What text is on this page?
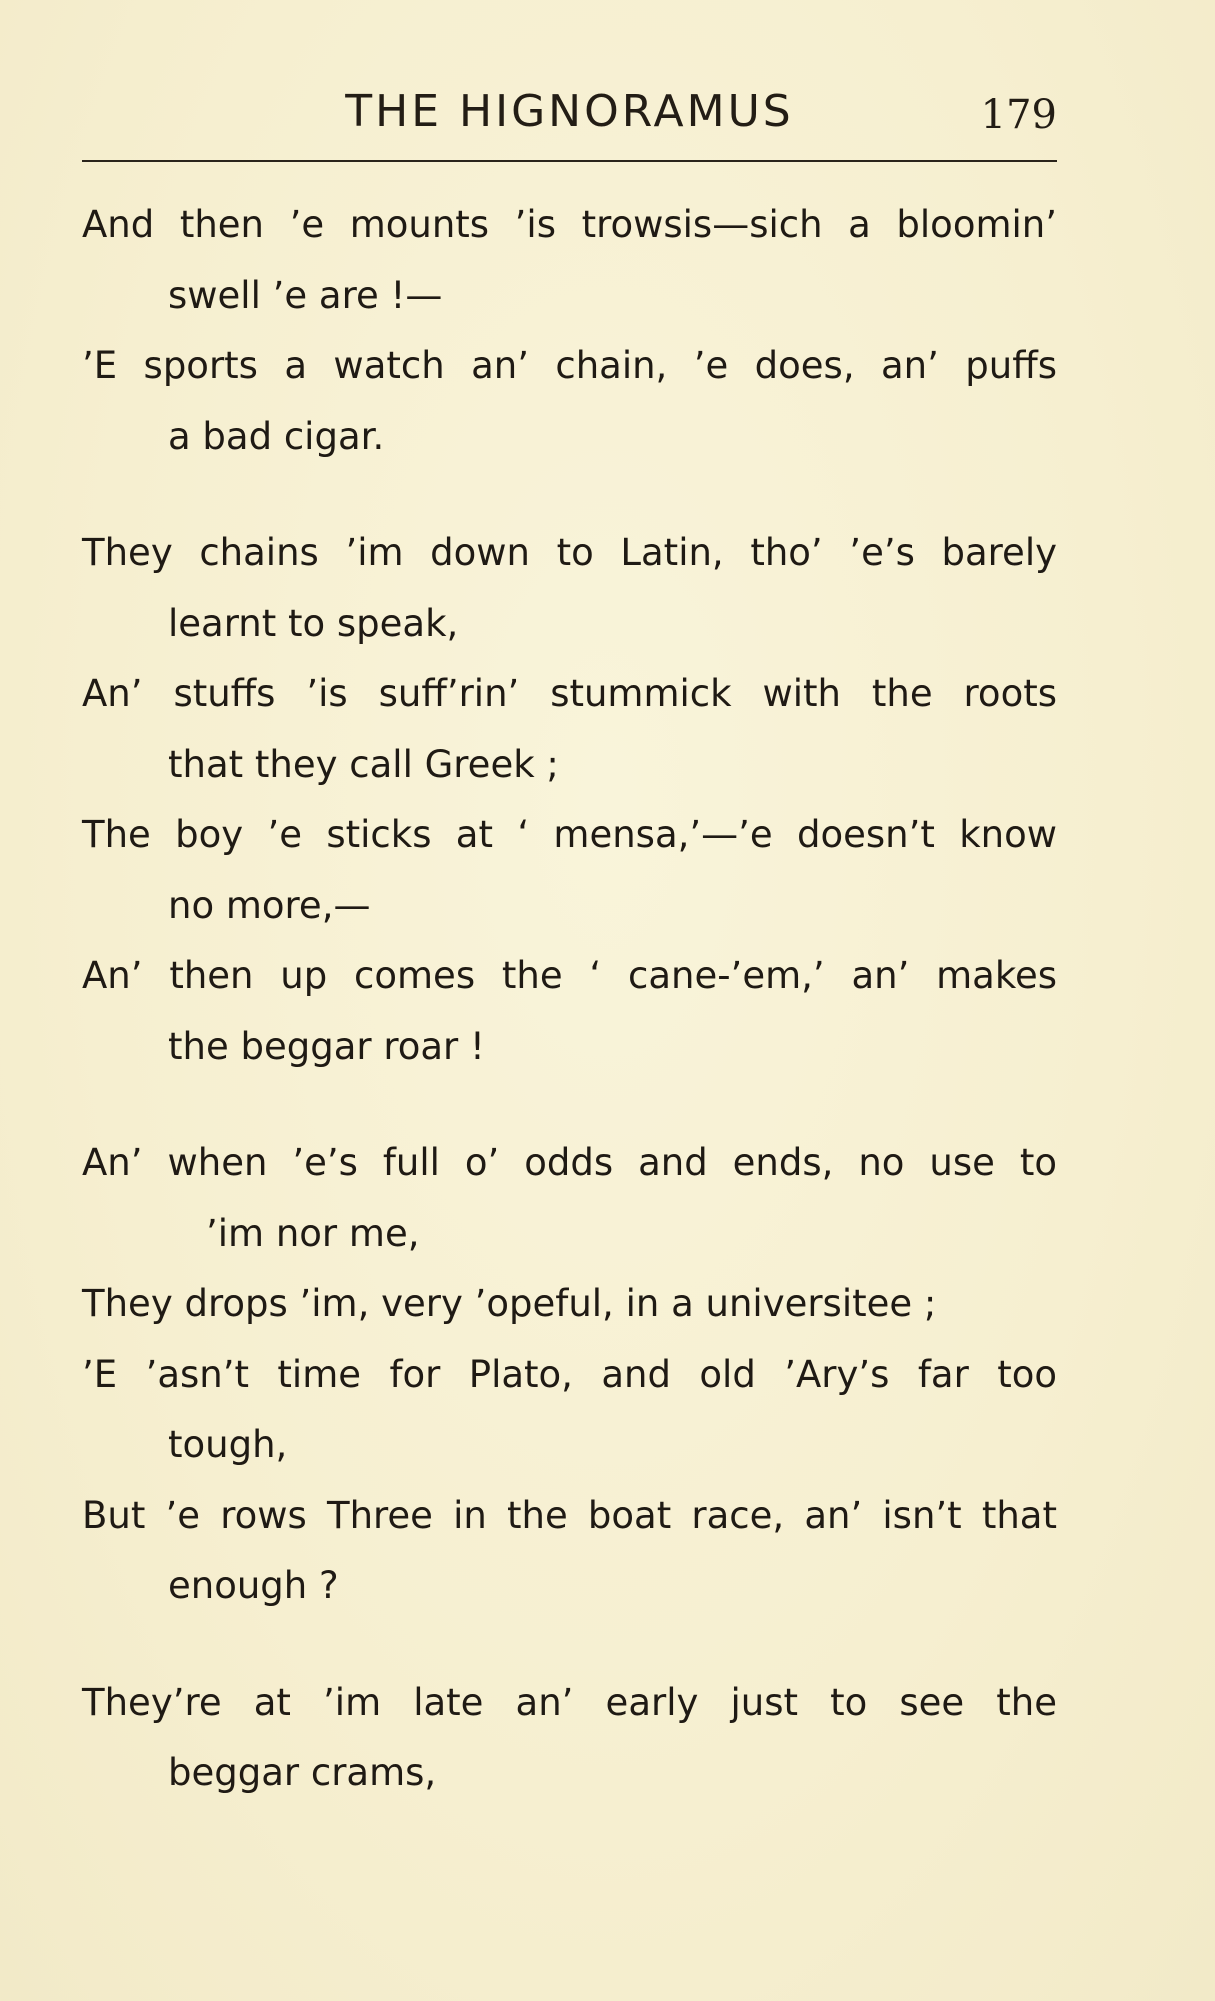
THE HIGNORAMUS	179
And then ’e mounts ’is trowsis—sich a bloomin’
swell ’e are !—
’E sports a watch an’ chain, ’e does, an’ puffs
a bad cigar.
They chains ’im down to Latin, tho’ ’e’s barely
learnt to speak,
An’ stuffs ’is suff’rin’ stummick with the roots
that they call Greek ;
The boy ’e sticks at ‘ mensa,’—’e doesn’t know
no more,—
An’ then up comes the ‘ cane-’em,’ an’ makes
the beggar roar !
An’ when ’e’s full o’ odds and ends, no use to
’im nor me,
They drops ’im, very ’opeful, in a universitee ;
’E ’asn’t time for Plato, and old ’Ary’s far too
tough,
But ’e rows Three in the boat race, an’ isn’t that
enough ?
They’re at ’im late an’ early just to see the
beggar crams,
